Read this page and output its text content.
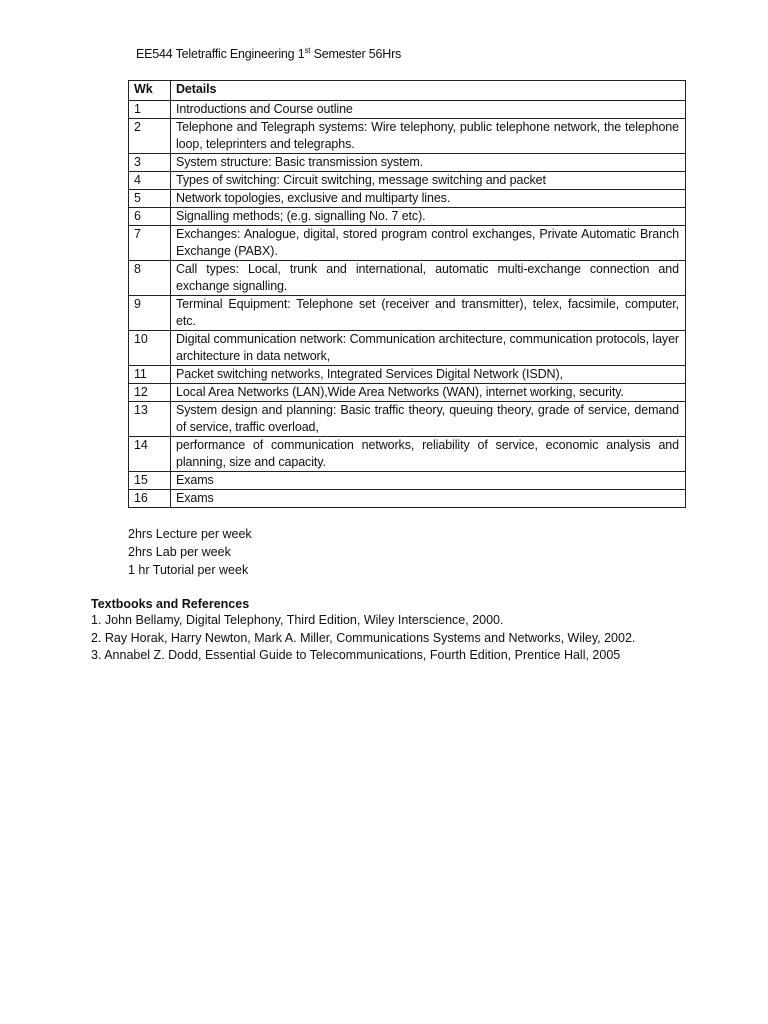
EE544 Teletraffic Engineering 1st Semester 56Hrs
Wk	Details
1	Introductions and Course outline
2	Telephone and Telegraph systems: Wire telephony, public telephone network, the telephone loop, teleprinters and telegraphs.
3	System structure: Basic transmission system.
4	Types of switching: Circuit switching, message switching and packet
5	Network topologies, exclusive and multiparty lines.
6	Signalling methods; (e.g. signalling No. 7 etc).
7	Exchanges: Analogue, digital, stored program control exchanges, Private Automatic Branch Exchange (PABX).
8	Call types: Local, trunk and international, automatic multi-exchange connection and exchange signalling.
9	Terminal Equipment: Telephone set (receiver and transmitter), telex, facsimile, computer, etc.
10	Digital communication network: Communication architecture, communication protocols, layer architecture in data network,
11	Packet switching networks, Integrated Services Digital Network (ISDN),
12	Local Area Networks (LAN),Wide Area Networks (WAN), internet working, security.
13	System design and planning: Basic traffic theory, queuing theory, grade of service, demand of service, traffic overload,
14	performance of communication networks, reliability of service, economic analysis and planning, size and capacity.
15	Exams
16	Exams
2hrs Lecture per week
2hrs Lab per week
1 hr Tutorial per week
Textbooks and References

1. John Bellamy, Digital Telephony, Third Edition, Wiley Interscience, 2000.

2. Ray Horak, Harry Newton, Mark A. Miller, Communications Systems and Networks, Wiley, 2002.

3. Annabel Z. Dodd, Essential Guide to Telecommunications, Fourth Edition, Prentice Hall, 2005
